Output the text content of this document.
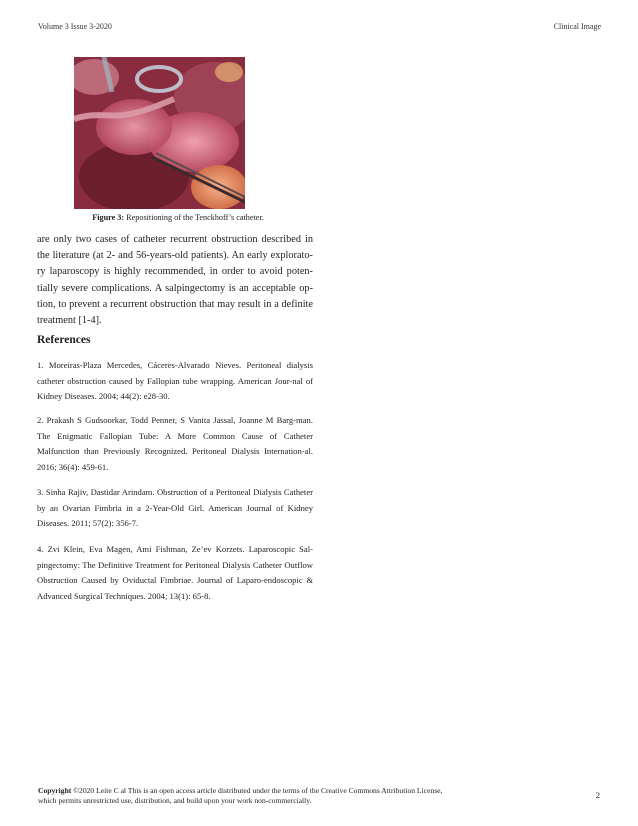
Volume 3 Issue 3-2020	Clinical Image
Figure 3: Repositioning of the Tenckhoff’s catheter.

are only two cases of catheter recurrent obstruction described in the literature (at 2- and 56-years-old patients). An early explorato-ry laparoscopy is highly recommended, in order to avoid poten-tially severe complications. A salpingectomy is an acceptable op-tion, to prevent a recurrent obstruction that may result in a definite treatment [1-4].

References

1. Moreiras-Plaza Mercedes, Cáceres-Alvarado Nieves. Peritoneal dialysis catheter obstruction caused by Fallopian tube wrapping. American Jour-nal of Kidney Diseases. 2004; 44(2): e28-30.

2. Prakash S Gudsoorkar, Todd Penner, S Vanita Jassal, Joanne M Barg-man. The Enigmatic Fallopian Tube: A More Common Cause of Catheter Malfunction than Previously Recognized. Peritoneal Dialysis Internation-al. 2016; 36(4): 459-61.

3. Sinha Rajiv, Dastidar Arindam. Obstruction of a Peritoneal Dialysis Catheter by an Ovarian Fimbria in a 2-Year-Old Girl. American Journal of Kidney Diseases. 2011; 57(2): 356-7.

4. Zvi Klein, Eva Magen, Ami Fishman, Ze’ev Korzets. Laparoscopic Sal-pingectomy: The Definitive Treatment for Peritoneal Dialysis Catheter Outflow Obstruction Caused by Oviductal Fimbriae. Journal of Laparo-endoscopic & Advanced Surgical Techniques. 2004; 13(1): 65-8.

Copyright ©2020 Leite C al This is an open access article distributed under the terms of the Creative Commons Attribution License, which permits unrestricted use, distribution, and build upon your work non-commercially.

2
